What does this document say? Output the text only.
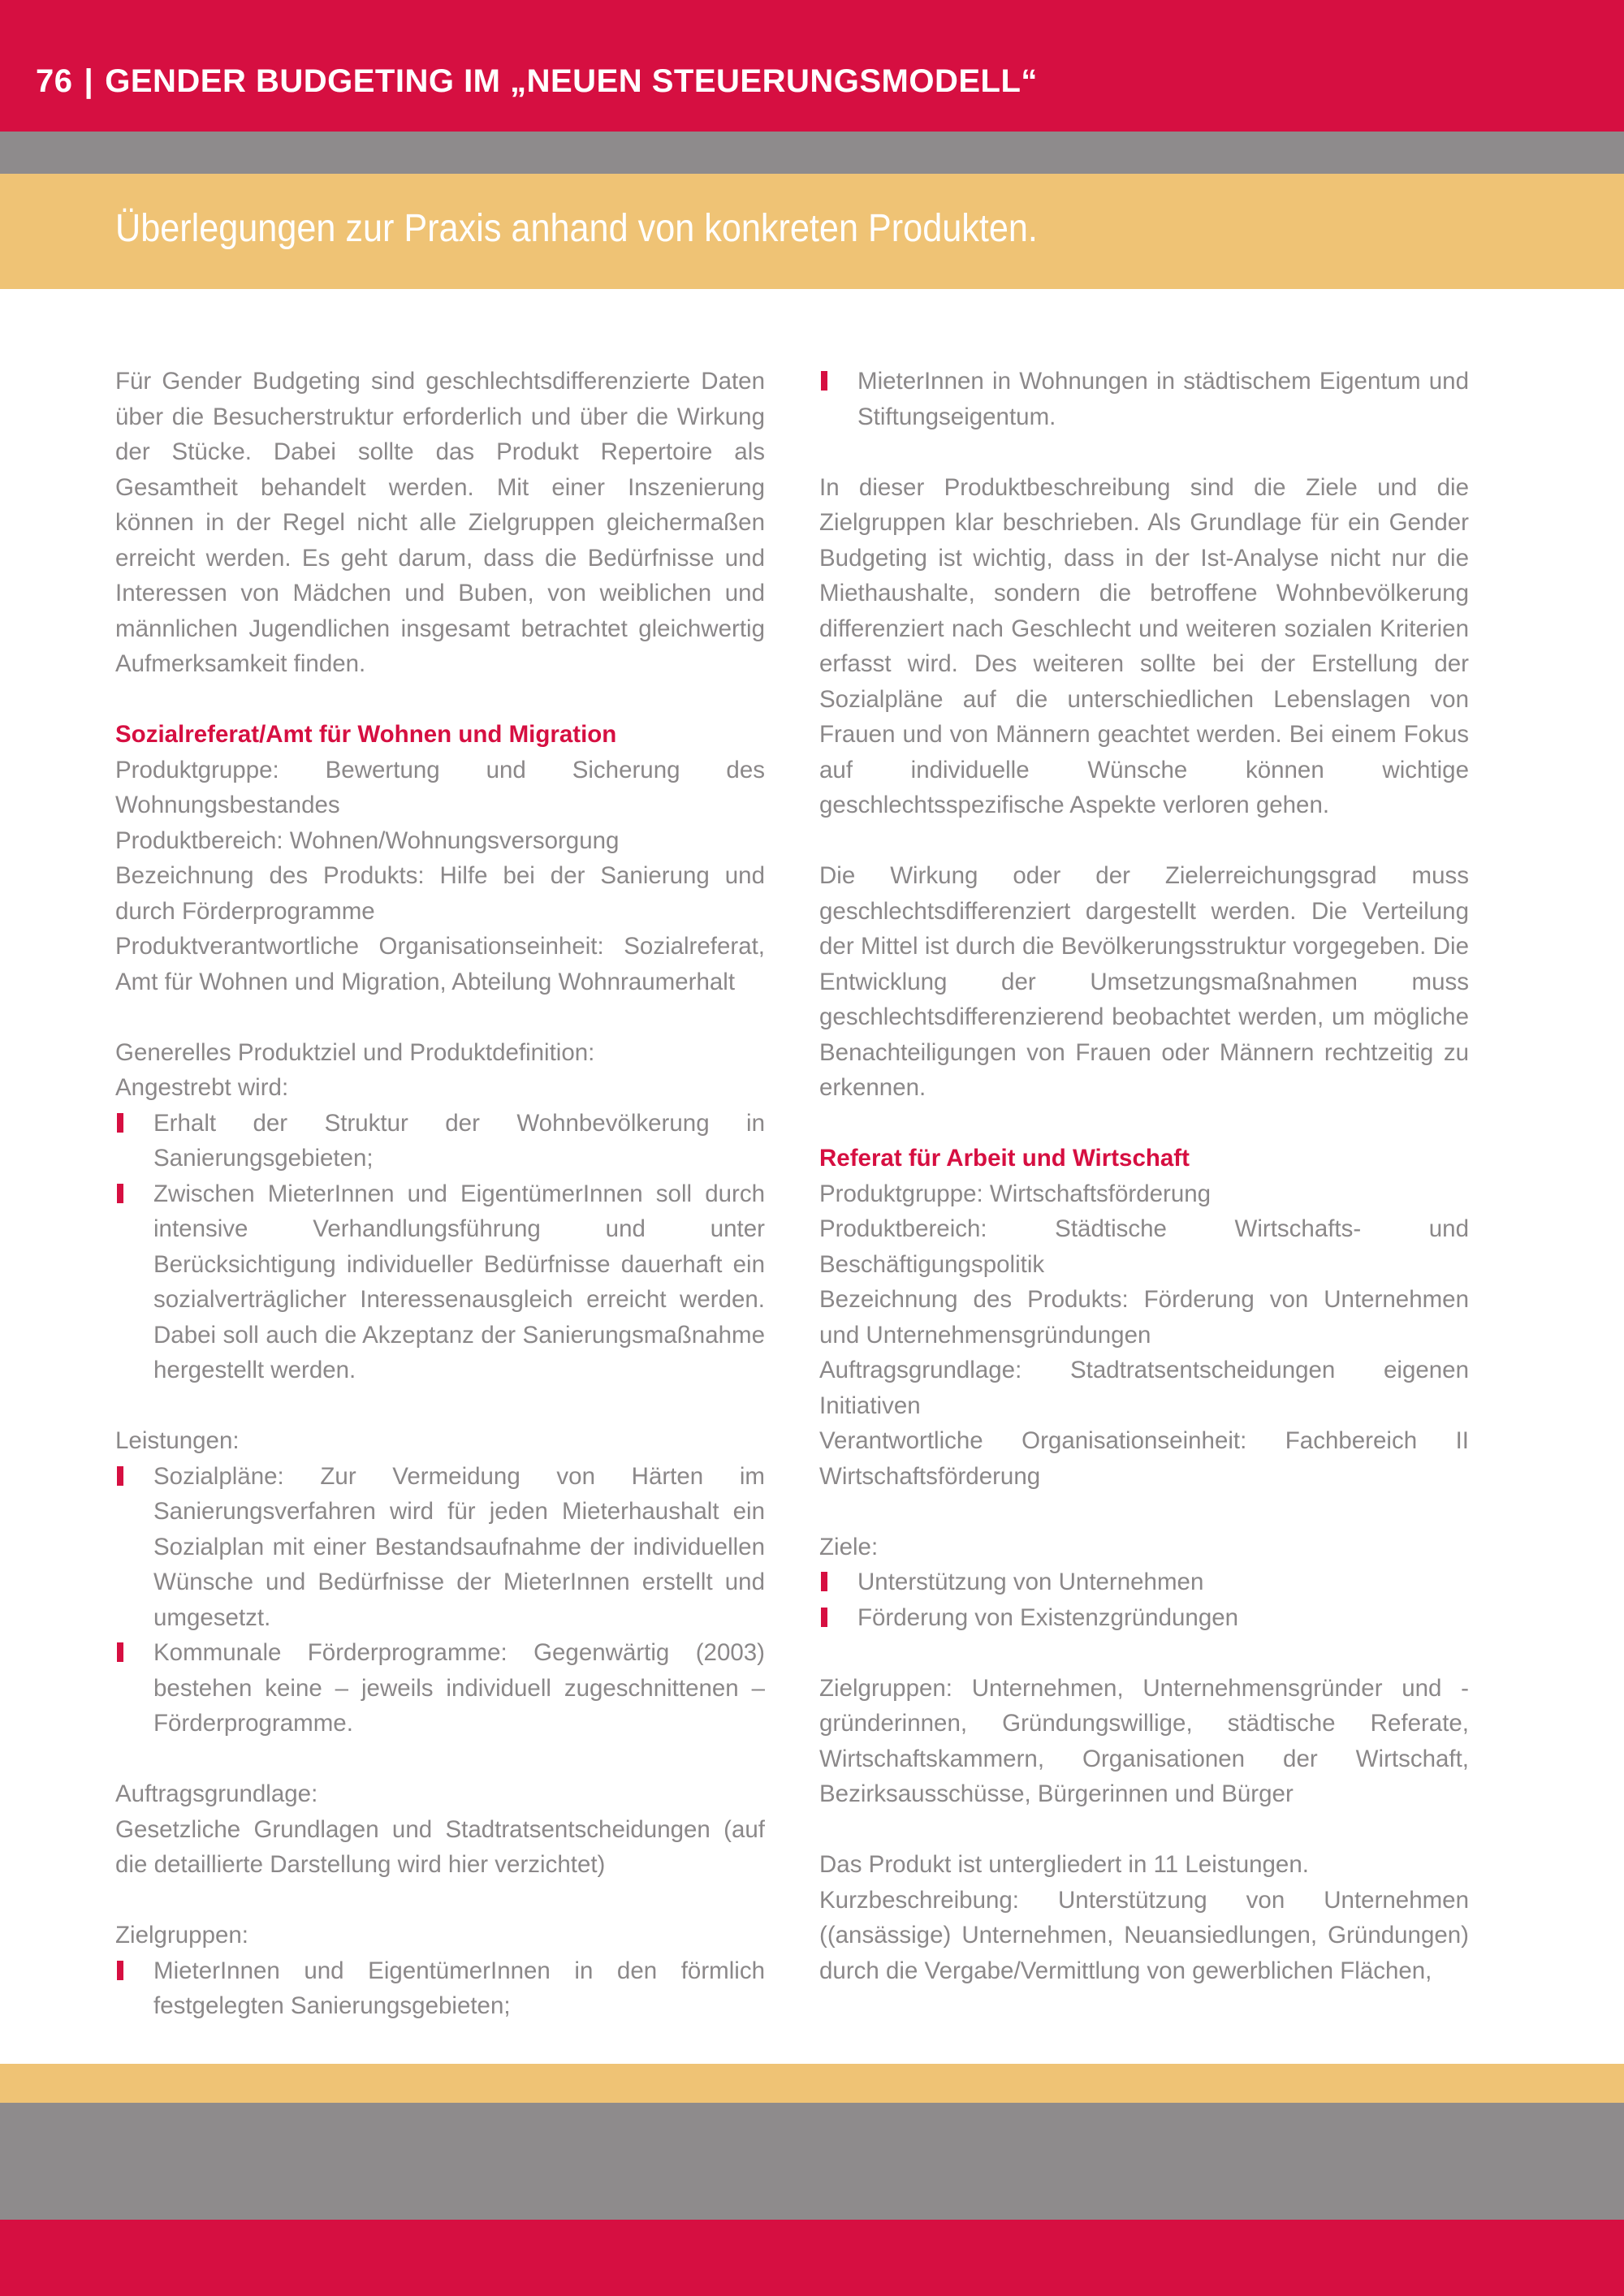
76 | GENDER BUDGETING IM „NEUEN STEUERUNGSMODELL“
Überlegungen zur Praxis anhand von konkreten Produkten.

Für Gender Budgeting sind geschlechtsdifferenzierte Daten über die Besucherstruktur erforderlich und über die Wirkung der Stücke. Dabei sollte das Produkt Repertoire als Gesamtheit behandelt werden. Mit einer Inszenierung können in der Regel nicht alle Zielgruppen gleichermaßen erreicht werden. Es geht darum, dass die Bedürfnisse und Interessen von Mädchen und Buben, von weiblichen und männlichen Jugendlichen insgesamt betrachtet gleichwertig Aufmerksamkeit finden.

Sozialreferat/Amt für Wohnen und Migration

Produktgruppe: Bewertung und Sicherung des Wohnungsbestandes

Produktbereich: Wohnen/Wohnungsversorgung

Bezeichnung des Produkts: Hilfe bei der Sanierung und durch Förderprogramme

Produktverantwortliche Organisationseinheit: Sozialreferat, Amt für Wohnen und Migration, Abteilung Wohnraumerhalt

Generelles Produktziel und Produktdefinition:

Angestrebt wird:

Erhalt der Struktur der Wohnbevölkerung in Sanierungsgebieten;
Zwischen MieterInnen und EigentümerInnen soll durch intensive Verhandlungsführung und unter Berücksichtigung individueller Bedürfnisse dauerhaft ein sozialverträglicher Interessenausgleich erreicht werden. Dabei soll auch die Akzeptanz der Sanierungsmaßnahme hergestellt werden.

Leistungen:

Sozialpläne: Zur Vermeidung von Härten im Sanierungsverfahren wird für jeden Mieterhaushalt ein Sozialplan mit einer Bestandsaufnahme der individuellen Wünsche und Bedürfnisse der MieterInnen erstellt und umgesetzt.
Kommunale Förderprogramme: Gegenwärtig (2003) bestehen keine – jeweils individuell zugeschnittenen – Förderprogramme.

Auftragsgrundlage:

Gesetzliche Grundlagen und Stadtratsentscheidungen (auf die detaillierte Darstellung wird hier verzichtet)

Zielgruppen:

MieterInnen und EigentümerInnen in den förmlich festgelegten Sanierungsgebieten;
MieterInnen in Wohnungen in städtischem Eigentum und Stiftungseigentum.

In dieser Produktbeschreibung sind die Ziele und die Zielgruppen klar beschrieben. Als Grundlage für ein Gender Budgeting ist wichtig, dass in der Ist-Analyse nicht nur die Miethaushalte, sondern die betroffene Wohnbevölkerung differenziert nach Geschlecht und weiteren sozialen Kriterien erfasst wird. Des weiteren sollte bei der Erstellung der Sozialpläne auf die unterschiedlichen Lebenslagen von Frauen und von Männern geachtet werden. Bei einem Fokus auf individuelle Wünsche können wichtige geschlechtsspezifische Aspekte verloren gehen.

Die Wirkung oder der Zielerreichungsgrad muss geschlechtsdifferenziert dargestellt werden. Die Verteilung der Mittel ist durch die Bevölkerungsstruktur vorgegeben. Die Entwicklung der Umsetzungsmaßnahmen muss geschlechtsdifferenzierend beobachtet werden, um mögliche Benachteiligungen von Frauen oder Männern rechtzeitig zu erkennen.

Referat für Arbeit und Wirtschaft

Produktgruppe: Wirtschaftsförderung

Produktbereich: Städtische Wirtschafts- und Beschäftigungspolitik

Bezeichnung des Produkts: Förderung von Unternehmen und Unternehmensgründungen

Auftragsgrundlage: Stadtratsentscheidungen eigenen Initiativen

Verantwortliche Organisationseinheit: Fachbereich II Wirtschaftsförderung

Ziele:

Unterstützung von Unternehmen
Förderung von Existenzgründungen

Zielgruppen: Unternehmen, Unternehmensgründer und -gründerinnen, Gründungswillige, städtische Referate, Wirtschaftskammern, Organisationen der Wirtschaft, Bezirksausschüsse, Bürgerinnen und Bürger

Das Produkt ist untergliedert in 11 Leistungen.

Kurzbeschreibung: Unterstützung von Unternehmen ((ansässige) Unternehmen, Neuansiedlungen, Gründungen) durch die Vergabe/Vermittlung von gewerblichen Flächen,
